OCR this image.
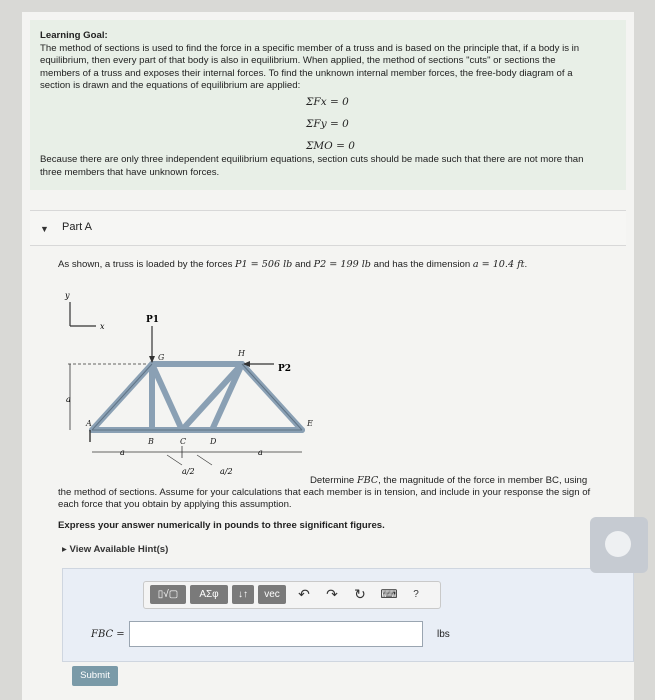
Learning Goal:
The method of sections is used to find the force in a specific member of a truss and is based on the principle that, if a body is in
equilibrium, then every part of that body is also in equilibrium. When applied, the method of sections "cuts" or sections the
members of a truss and exposes their internal forces. To find the unknown internal member forces, the free-body diagram of a
section is drawn and the equations of equilibrium are applied:
ΣFx = 0
ΣFy = 0
ΣMO = 0
Because there are only three independent equilibrium equations, section cuts should be made such that there are not more than
three members that have unknown forces.
▼ Part A
As shown, a truss is loaded by the forces P1 = 506 lb and P2 = 199 lb and has the dimension a = 10.4 ft.
y
x
P1
P2
G	H
A
B	C	D
E
a
a	a
a/2	a/2
Determine FBC, the magnitude of the force in member BC, using
the method of sections. Assume for your calculations that each member is in tension, and include in your response the sign of
each force that you obtain by applying this assumption.
Express your answer numerically in pounds to three significant figures.
▸ View Available Hint(s)
▯√▢	ΑΣφ	↓↑	vec	↶ ↷ ↻	⌨	?
FBC =	lbs
Submit
